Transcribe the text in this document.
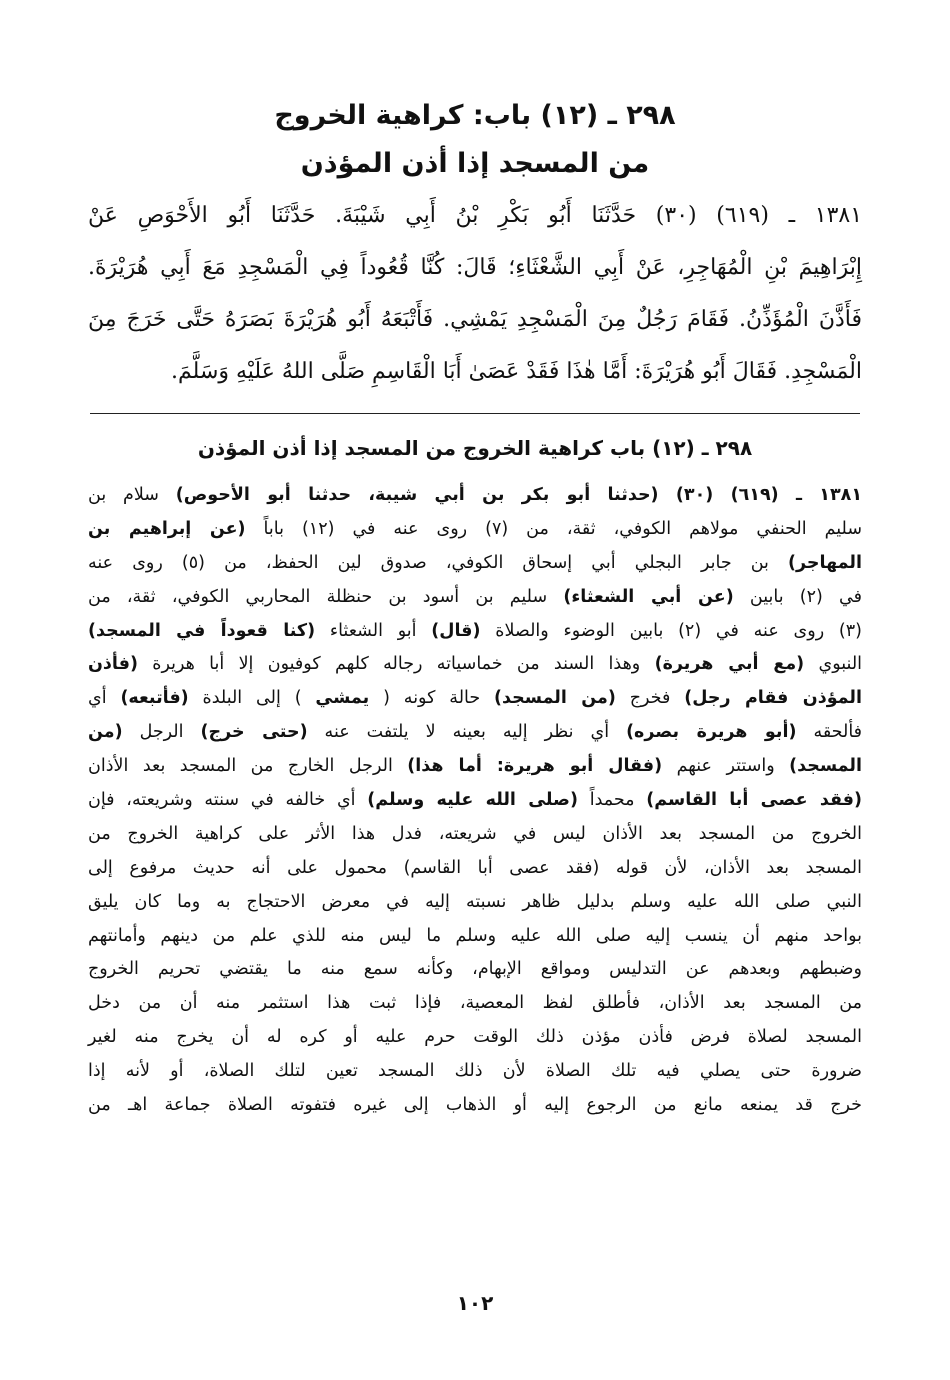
٢٩٨ ـ (١٢) باب: كراهية الخروج
من المسجد إذا أذن المؤذن
١٣٨١ ـ (٦١٩) (٣٠) حَدَّثَنَا أَبُو بَكْرِ بْنُ أَبِي شَيْبَةَ. حَدَّثَنَا أَبُو الأَحْوَصِ عَنْ
إِبْرَاهِيمَ بْنِ الْمُهَاجِرِ، عَنْ أَبِي الشَّعْثَاءِ؛ قَالَ: كُنَّا قُعُوداً فِي الْمَسْجِدِ مَعَ أَبِي هُرَيْرَةَ.
فَأَذَّنَ الْمُؤَذِّنُ. فَقَامَ رَجُلٌ مِنَ الْمَسْجِدِ يَمْشِي. فَأَتْبَعَهُ أَبُو هُرَيْرَةَ بَصَرَهُ حَتَّى خَرَجَ مِنَ
الْمَسْجِدِ. فَقَالَ أَبُو هُرَيْرَةَ: أَمَّا هٰذَا فَقَدْ عَصَىٰ أَبَا الْقَاسِمِ صَلَّى اللهُ عَلَيْهِ وَسَلَّمَ.
٢٩٨ ـ (١٢) باب كراهية الخروج من المسجد إذا أذن المؤذن
١٣٨١ ـ (٦١٩) (٣٠) (حدثنا أبو بكر بن أبي شيبة، حدثنا أبو الأحوص) سلام بن
سليم الحنفي مولاهم الكوفي، ثقة، من (٧) روى عنه في (١٢) باباً (عن إبراهيم بن
المهاجر) بن جابر البجلي أبي إسحاق الكوفي، صدوق لين الحفظ، من (٥) روى عنه
في (٢) بابين (عن أبي الشعثاء) سليم بن أسود بن حنظلة المحاربي الكوفي، ثقة، من
(٣) روى عنه في (٢) بابين الوضوء والصلاة (قال) أبو الشعثاء (كنا قعوداً في المسجد)
النبوي (مع أبي هريرة) وهذا السند من خماسياته رجاله كلهم كوفيون إلا أبا هريرة (فأذن
المؤذن فقام رجل) فخرج (من المسجد) حالة كونه ( يمشي ) إلى البلدة (فأتبعه) أي
فألحقه (أبو هريرة بصره) أي نظر إليه بعينه لا يلتفت عنه (حتى خرج) الرجل (من
المسجد) واستتر عنهم (فقال أبو هريرة: أما هذا) الرجل الخارج من المسجد بعد الأذان
(فقد عصى أبا القاسم) محمداً (صلى الله عليه وسلم) أي خالفه في سنته وشريعته، فإن
الخروج من المسجد بعد الأذان ليس في شريعته، فدل هذا الأثر على كراهية الخروج من
المسجد بعد الأذان، لأن قوله (فقد عصى أبا القاسم) محمول على أنه حديث مرفوع إلى
النبي صلى الله عليه وسلم بدليل ظاهر نسبته إليه في معرض الاحتجاج به وما كان يليق
بواحد منهم أن ينسب إليه صلى الله عليه وسلم ما ليس منه للذي علم من دينهم وأمانتهم
وضبطهم وبعدهم عن التدليس ومواقع الإبهام، وكأنه سمع منه ما يقتضي تحريم الخروج
من المسجد بعد الأذان، فأطلق لفظ المعصية، فإذا ثبت هذا استثمر منه أن من دخل
المسجد لصلاة فرض فأذن مؤذن ذلك الوقت حرم عليه أو كره له أن يخرج منه لغير
ضرورة حتى يصلي فيه تلك الصلاة لأن ذلك المسجد تعين لتلك الصلاة، أو لأنه إذا
خرج قد يمنعه مانع من الرجوع إليه أو الذهاب إلى غيره فتفوته الصلاة جماعة اهـ من
١٠٢
